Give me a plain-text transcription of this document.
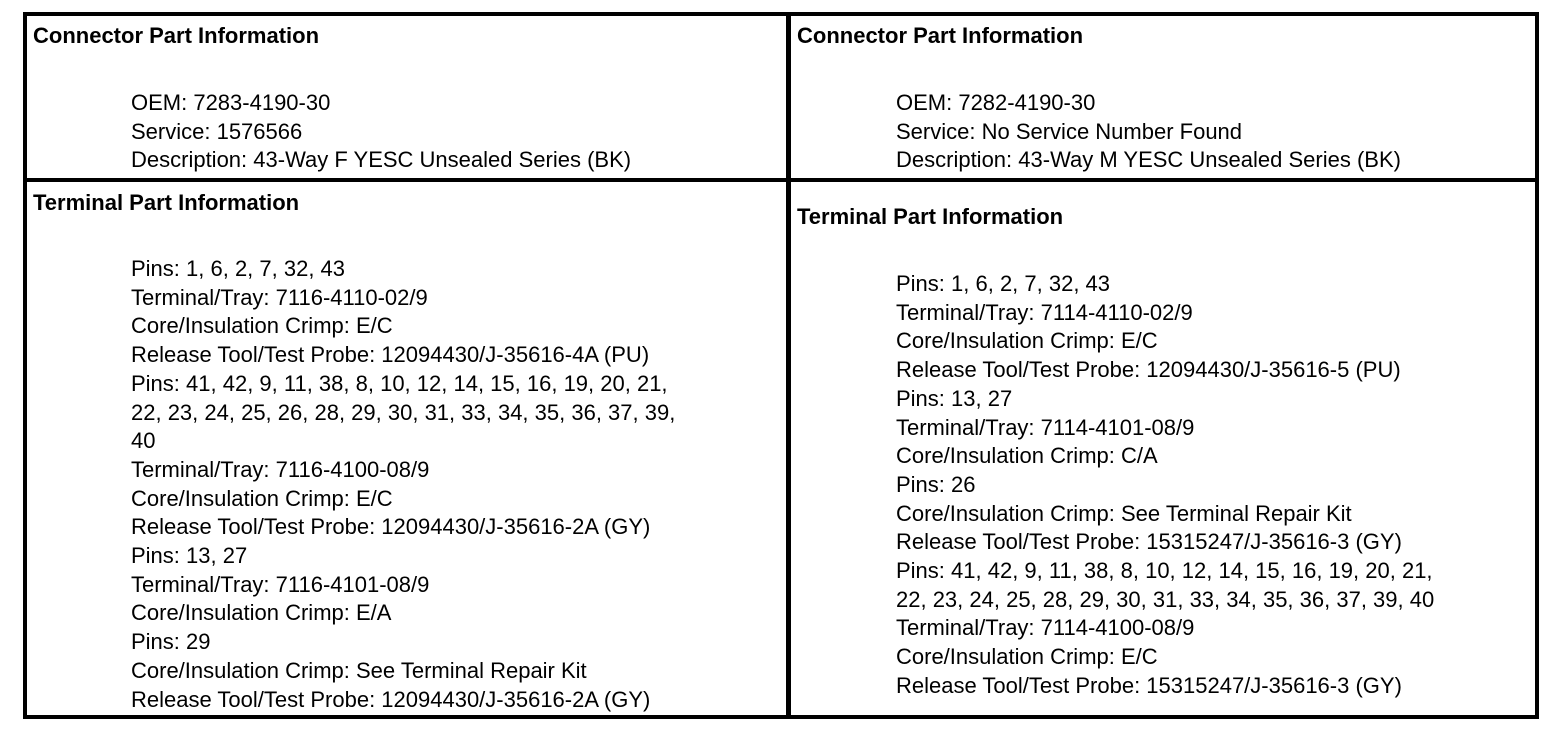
Connector Part Information
OEM: 7283-4190-30
Service: 1576566
Description: 43-Way F YESC Unsealed Series (BK)
Connector Part Information
OEM: 7282-4190-30
Service: No Service Number Found
Description: 43-Way M YESC Unsealed Series (BK)
Terminal Part Information
Pins: 1, 6, 2, 7, 32, 43
Terminal/Tray: 7116-4110-02/9
Core/Insulation Crimp: E/C
Release Tool/Test Probe: 12094430/J-35616-4A (PU)
Pins: 41, 42, 9, 11, 38, 8, 10, 12, 14, 15, 16, 19, 20, 21,
22, 23, 24, 25, 26, 28, 29, 30, 31, 33, 34, 35, 36, 37, 39,
40
Terminal/Tray: 7116-4100-08/9
Core/Insulation Crimp: E/C
Release Tool/Test Probe: 12094430/J-35616-2A (GY)
Pins: 13, 27
Terminal/Tray: 7116-4101-08/9
Core/Insulation Crimp: E/A
Pins: 29
Core/Insulation Crimp: See Terminal Repair Kit
Release Tool/Test Probe: 12094430/J-35616-2A (GY)
Terminal Part Information
Pins: 1, 6, 2, 7, 32, 43
Terminal/Tray: 7114-4110-02/9
Core/Insulation Crimp: E/C
Release Tool/Test Probe: 12094430/J-35616-5 (PU)
Pins: 13, 27
Terminal/Tray: 7114-4101-08/9
Core/Insulation Crimp: C/A
Pins: 26
Core/Insulation Crimp: See Terminal Repair Kit
Release Tool/Test Probe: 15315247/J-35616-3 (GY)
Pins: 41, 42, 9, 11, 38, 8, 10, 12, 14, 15, 16, 19, 20, 21,
22, 23, 24, 25, 28, 29, 30, 31, 33, 34, 35, 36, 37, 39, 40
Terminal/Tray: 7114-4100-08/9
Core/Insulation Crimp: E/C
Release Tool/Test Probe: 15315247/J-35616-3 (GY)
